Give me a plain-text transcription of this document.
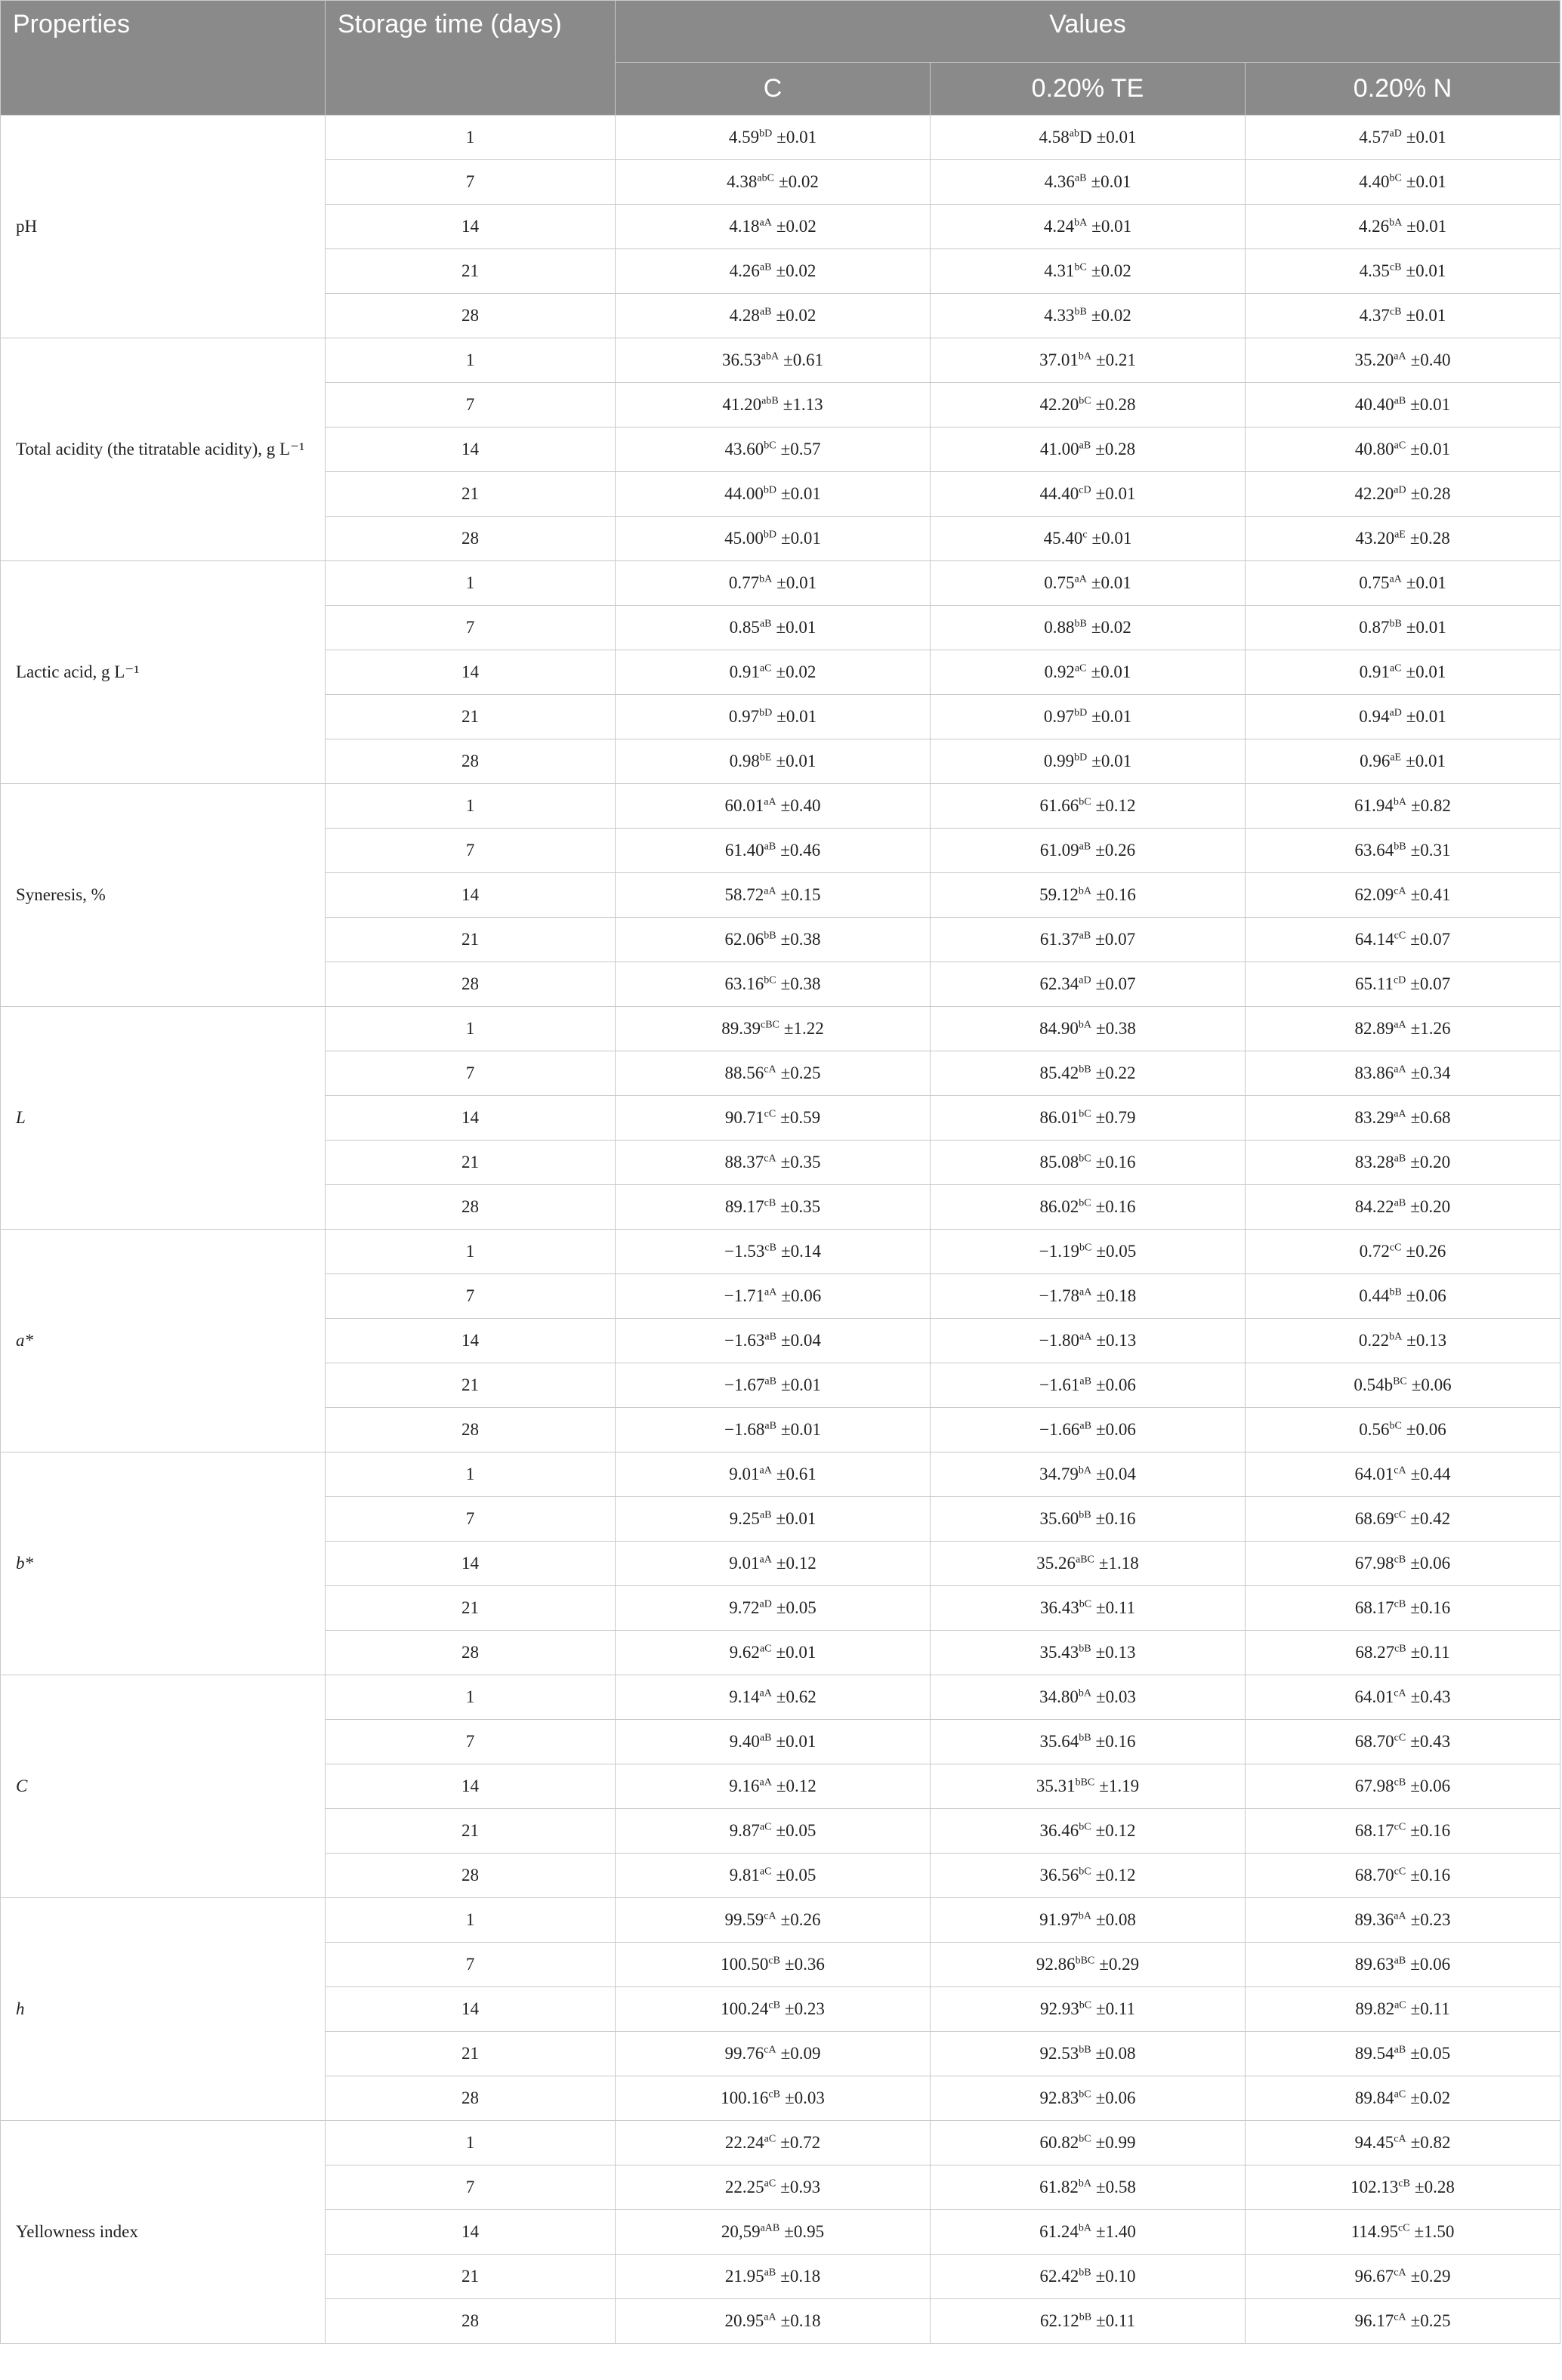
Properties	Storage time (days)	Values		
		C	0.20% TE	0.20% N
pH	1	$4.59^{bD} \pm 0.01$	4.58$^{ab}$D ±0.01	$4.57^{aD} \pm 0.01$
	7	$4.38^{abC} \pm 0.02$	$4.36^{aB} \pm 0.01$	$4.40^{bC} \pm 0.01$
	14	$4.18^{aA} \pm 0.02$	$4.24^{bA} \pm 0.01$	$4.26^{bA} \pm 0.01$
	21	$4.26^{aB} \pm 0.02$	$4.31^{bC} \pm 0.02$	$4.35^{cB} \pm 0.01$
	28	$4.28^{aB} \pm 0.02$	$4.33^{bB} \pm 0.02$	$4.37^{cB} \pm 0.01$
Total acidity (the titratable acidity), g L⁻¹	1	$36.53^{abA} \pm 0.61$	$37.01^{bA} \pm 0.21$	$35.20^{aA} \pm 0.40$
	7	$41.20^{abB} \pm 1.13$	$42.20^{bC} \pm 0.28$	$40.40^{aB} \pm 0.01$
	14	$43.60^{bC} \pm 0.57$	$41.00^{aB} \pm 0.28$	$40.80^{aC} \pm 0.01$
	21	$44.00^{bD} \pm 0.01$	$44.40^{cD} \pm 0.01$	$42.20^{aD} \pm 0.28$
	28	$45.00^{bD} \pm 0.01$	45.40$^c$ ±0.01	$43.20^{aE} \pm 0.28$
Lactic acid, g L⁻¹	1	$0.77^{bA} \pm 0.01$	$0.75^{aA} \pm 0.01$	$0.75^{aA} \pm 0.01$
	7	$0.85^{aB} \pm 0.01$	$0.88^{bB} \pm 0.02$	$0.87^{bB} \pm 0.01$
	14	$0.91^{aC} \pm 0.02$	$0.92^{aC} \pm 0.01$	$0.91^{aC} \pm 0.01$
	21	$0.97^{bD} \pm 0.01$	$0.97^{bD} \pm 0.01$	$0.94^{aD} \pm 0.01$
	28	$0.98^{bE} \pm 0.01$	$0.99^{bD} \pm 0.01$	$0.96^{aE} \pm 0.01$
Syneresis, %	1	$60.01^{aA} \pm 0.40$	$61.66^{bC} \pm 0.12$	$61.94^{bA} \pm 0.82$
	7	$61.40^{aB} \pm 0.46$	$61.09^{aB} \pm 0.26$	$63.64^{bB} \pm 0.31$
	14	$58.72^{aA} \pm 0.15$	$59.12^{bA} \pm 0.16$	$62.09^{cA} \pm 0.41$
	21	$62.06^{bB} \pm 0.38$	$61.37^{aB} \pm 0.07$	$64.14^{cC} \pm 0.07$
	28	$63.16^{bC} \pm 0.38$	$62.34^{aD} \pm 0.07$	$65.11^{cD} \pm 0.07$
L	1	$89.39^{cBC} \pm 1.22$	$84.90^{bA} \pm 0.38$	$82.89^{aA} \pm 1.26$
	7	$88.56^{cA} \pm 0.25$	$85.42^{bB} \pm 0.22$	$83.86^{aA} \pm 0.34$
	14	$90.71^{cC} \pm 0.59$	$86.01^{bC} \pm 0.79$	$83.29^{aA} \pm 0.68$
	21	$88.37^{cA} \pm 0.35$	$85.08^{bC} \pm 0.16$	$83.28^{aB} \pm 0.20$
	28	$89.17^{cB} \pm 0.35$	$86.02^{bC} \pm 0.16$	$84.22^{aB} \pm 0.20$
a*	1	$-1.53^{cB} \pm 0.14$	$-1.19^{bC} \pm 0.05$	$0.72^{cC} \pm 0.26$
	7	$-1.71^{aA} \pm 0.06$	$-1.78^{aA} \pm 0.18$	$0.44^{bB} \pm 0.06$
	14	$-1.63^{aB} \pm 0.04$	$-1.80^{aA} \pm 0.13$	$0.22^{bA} \pm 0.13$
	21	$-1.67^{aB} \pm 0.01$	$-1.61^{aB} \pm 0.06$	$0.54b^{BC} \pm 0.06$
	28	$-1.68^{aB} \pm 0.01$	$-1.66^{aB} \pm 0.06$	$0.56^{bC} \pm 0.06$
b*	1	$9.01^{aA} \pm 0.61$	$34.79^{bA} \pm 0.04$	$64.01^{cA} \pm 0.44$
	7	$9.25^{aB} \pm 0.01$	$35.60^{bB} \pm 0.16$	$68.69^{cC} \pm 0.42$
	14	$9.01^{aA} \pm 0.12$	$35.26^{aBC} \pm 1.18$	$67.98^{cB} \pm 0.06$
	21	$9.72^{aD} \pm 0.05$	$36.43^{bC} \pm 0.11$	$68.17^{cB} \pm 0.16$
	28	$9.62^{aC} \pm 0.01$	$35.43^{bB} \pm 0.13$	$68.27^{cB} \pm 0.11$
C	1	$9.14^{aA} \pm 0.62$	$34.80^{bA} \pm 0.03$	$64.01^{cA} \pm 0.43$
	7	$9.40^{aB} \pm 0.01$	$35.64^{bB} \pm 0.16$	$68.70^{cC} \pm 0.43$
	14	$9.16^{aA} \pm 0.12$	$35.31^{bBC} \pm 1.19$	$67.98^{cB} \pm 0.06$
	21	$9.87^{aC} \pm 0.05$	$36.46^{bC} \pm 0.12$	$68.17^{cC} \pm 0.16$
	28	$9.81^{aC} \pm 0.05$	$36.56^{bC} \pm 0.12$	$68.70^{cC} \pm 0.16$
h	1	$99.59^{cA} \pm 0.26$	$91.97^{bA} \pm 0.08$	$89.36^{aA} \pm 0.23$
	7	$100.50^{cB} \pm 0.36$	$92.86^{bBC} \pm 0.29$	$89.63^{aB} \pm 0.06$
	14	$100.24^{cB} \pm 0.23$	$92.93^{bC} \pm 0.11$	$89.82^{aC} \pm 0.11$
	21	$99.76^{cA} \pm 0.09$	$92.53^{bB} \pm 0.08$	$89.54^{aB} \pm 0.05$
	28	$100.16^{cB} \pm 0.03$	$92.83^{bC} \pm 0.06$	$89.84^{aC} \pm 0.02$
Yellowness index	1	$22.24^{aC} \pm 0.72$	$60.82^{bC} \pm 0.99$	$94.45^{cA} \pm 0.82$
	7	$22.25^{aC} \pm 0.93$	$61.82^{bA} \pm 0.58$	$102.13^{cB} \pm 0.28$
	14	$20,59^{aAB} \pm 0.95$	$61.24^{bA} \pm 1.40$	$114.95^{cC} \pm 1.50$
	21	$21.95^{aB} \pm 0.18$	$62.42^{bB} \pm 0.10$	$96.67^{cA} \pm 0.29$
	28	$20.95^{aA} \pm 0.18$	$62.12^{bB} \pm 0.11$	$96.17^{cA} \pm 0.25$
